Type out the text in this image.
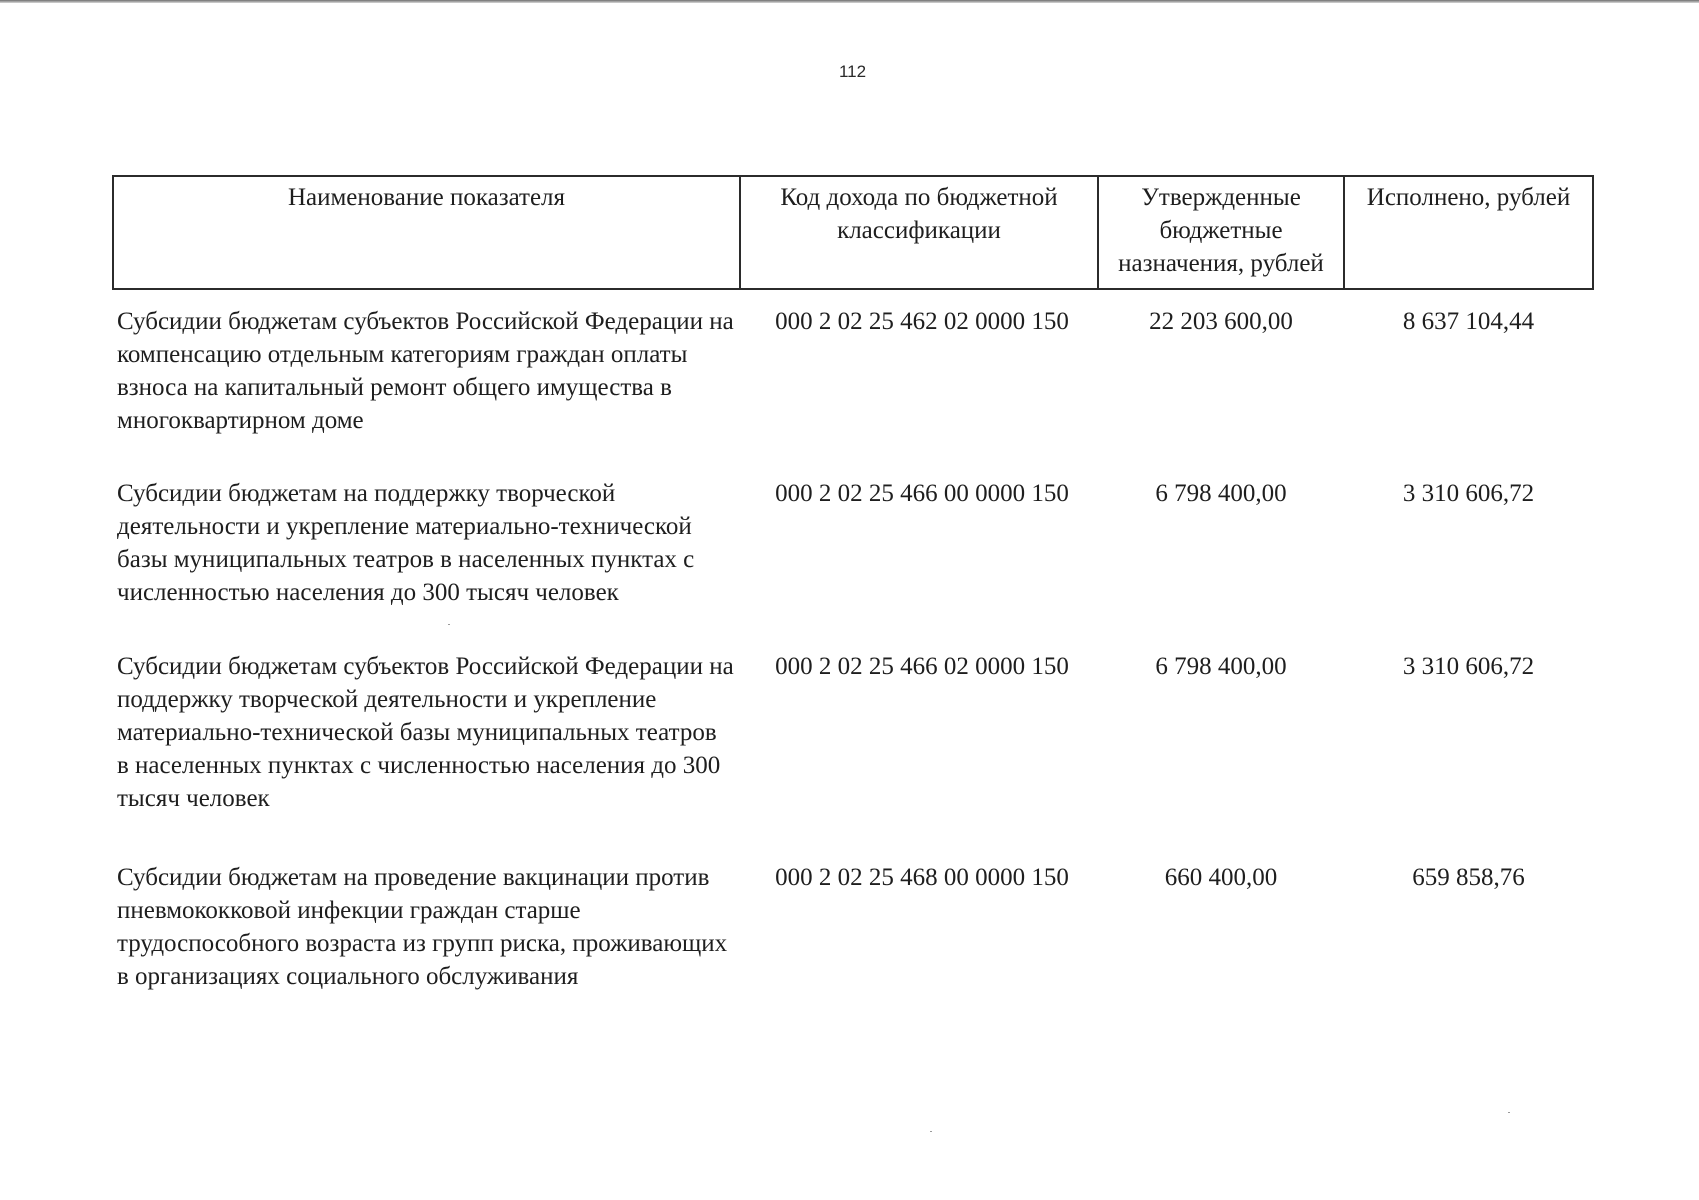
112
Наименование показателя	Код дохода по бюджетной классификации	Утвержденные бюджетные назначения, рублей	Исполнено, рублей
Субсидии бюджетам субъектов Российской Федерации на компенсацию отдельным категориям граждан оплаты взноса на капитальный ремонт общего имущества в многоквартирном доме	000 2 02 25 462 02 0000 150	22 203 600,00	8 637 104,44
Субсидии бюджетам на поддержку творческой деятельности и укрепление материально-технической базы муниципальных театров в населенных пунктах с численностью населения до 300 тысяч человек	000 2 02 25 466 00 0000 150	6 798 400,00	3 310 606,72
Субсидии бюджетам субъектов Российской Федерации на поддержку творческой деятельности и укрепление материально-технической базы муниципальных театров в населенных пунктах с численностью населения до 300 тысяч человек	000 2 02 25 466 02 0000 150	6 798 400,00	3 310 606,72
Субсидии бюджетам на проведение вакцинации против пневмококковой инфекции граждан старше трудоспособного возраста из групп риска, проживающих в организациях социального обслуживания	000 2 02 25 468 00 0000 150	660 400,00	659 858,76
